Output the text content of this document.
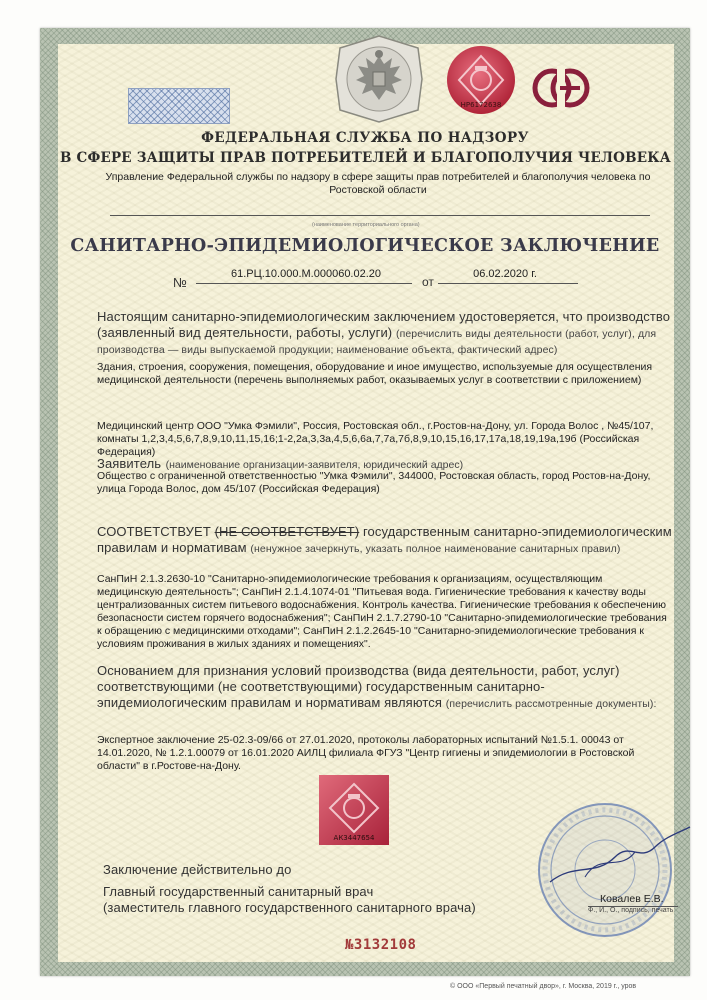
НР6172638
ФЕДЕРАЛЬНАЯ СЛУЖБА ПО НАДЗОРУ
В СФЕРЕ ЗАЩИТЫ ПРАВ ПОТРЕБИТЕЛЕЙ И БЛАГОПОЛУЧИЯ ЧЕЛОВЕКА
Управление Федеральной службы по надзору в сфере защиты прав потребителей и благополучия человека по Ростовской области
(наименование территориального органа)
САНИТАРНО-ЭПИДЕМИОЛОГИЧЕСКОЕ ЗАКЛЮЧЕНИЕ
№
61.РЦ.10.000.М.000060.02.20
от
06.02.2020 г.
Настоящим санитарно-эпидемиологическим заключением удостоверяется, что производство (заявленный вид деятельности, работы, услуги) (перечислить виды деятельности (работ, услуг), для производства — виды выпускаемой продукции; наименование объекта, фактический адрес)
Здания, строения, сооружения, помещения, оборудование и иное имущество, используемые для осуществления медицинской деятельности (перечень выполняемых работ, оказываемых услуг в соответствии с приложением)
Медицинский центр ООО "Умка Фэмили", Россия, Ростовская обл., г.Ростов-на-Дону, ул. Города Волос , №45/107, комнаты 1,2,3,4,5,6,7,8,9,10,11,15,16;1-2,2а,3,3а,4,5,6,6а,7,7а,7б,8,9,10,15,16,17,17а,18,19,19а,19б (Российская Федерация)
Заявитель (наименование организации-заявителя, юридический адрес)
Общество с ограниченной ответственностью "Умка Фэмили", 344000, Ростовская область, город Ростов-на-Дону, улица Города Волос, дом 45/107 (Российская Федерация)
СООТВЕТСТВУЕТ (НЕ СООТВЕТСТВУЕТ) государственным санитарно-эпидемиологическим правилам и нормативам (ненужное зачеркнуть, указать полное наименование санитарных правил)
СанПиН 2.1.3.2630-10 "Санитарно-эпидемиологические требования к организациям, осуществляющим медицинскую деятельность"; СанПиН 2.1.4.1074-01 "Питьевая вода. Гигиенические требования к качеству воды централизованных систем питьевого водоснабжения. Контроль качества. Гигиенические требования к обеспечению безопасности систем горячего водоснабжения"; СанПиН 2.1.7.2790-10 "Санитарно-эпидемиологические требования к обращению с медицинскими отходами"; СанПиН 2.1.2.2645-10 "Санитарно-эпидемиологические требования к условиям проживания в жилых зданиях и помещениях".
Основанием для признания условий производства (вида деятельности, работ, услуг) соответствующими (не соответствующими) государственным санитарно-эпидемиологическим правилам и нормативам являются (перечислить рассмотренные документы):
Экспертное заключение 25-02.3-09/66 от 27.01.2020, протоколы лабораторных испытаний №1.5.1. 00043 от 14.01.2020, № 1.2.1.00079 от 16.01.2020 АИЛЦ филиала ФГУЗ "Центр гигиены и эпидемиологии в Ростовской области" в г.Ростове-на-Дону.
АК3447654
Заключение действительно до
Главный государственный санитарный врач
(заместитель главного государственного санитарного врача)
Ковалев Е.В.
Ф., И., О., подпись, печать
№3132108
© ООО «Первый печатный двор», г. Москва, 2019 г., уров
